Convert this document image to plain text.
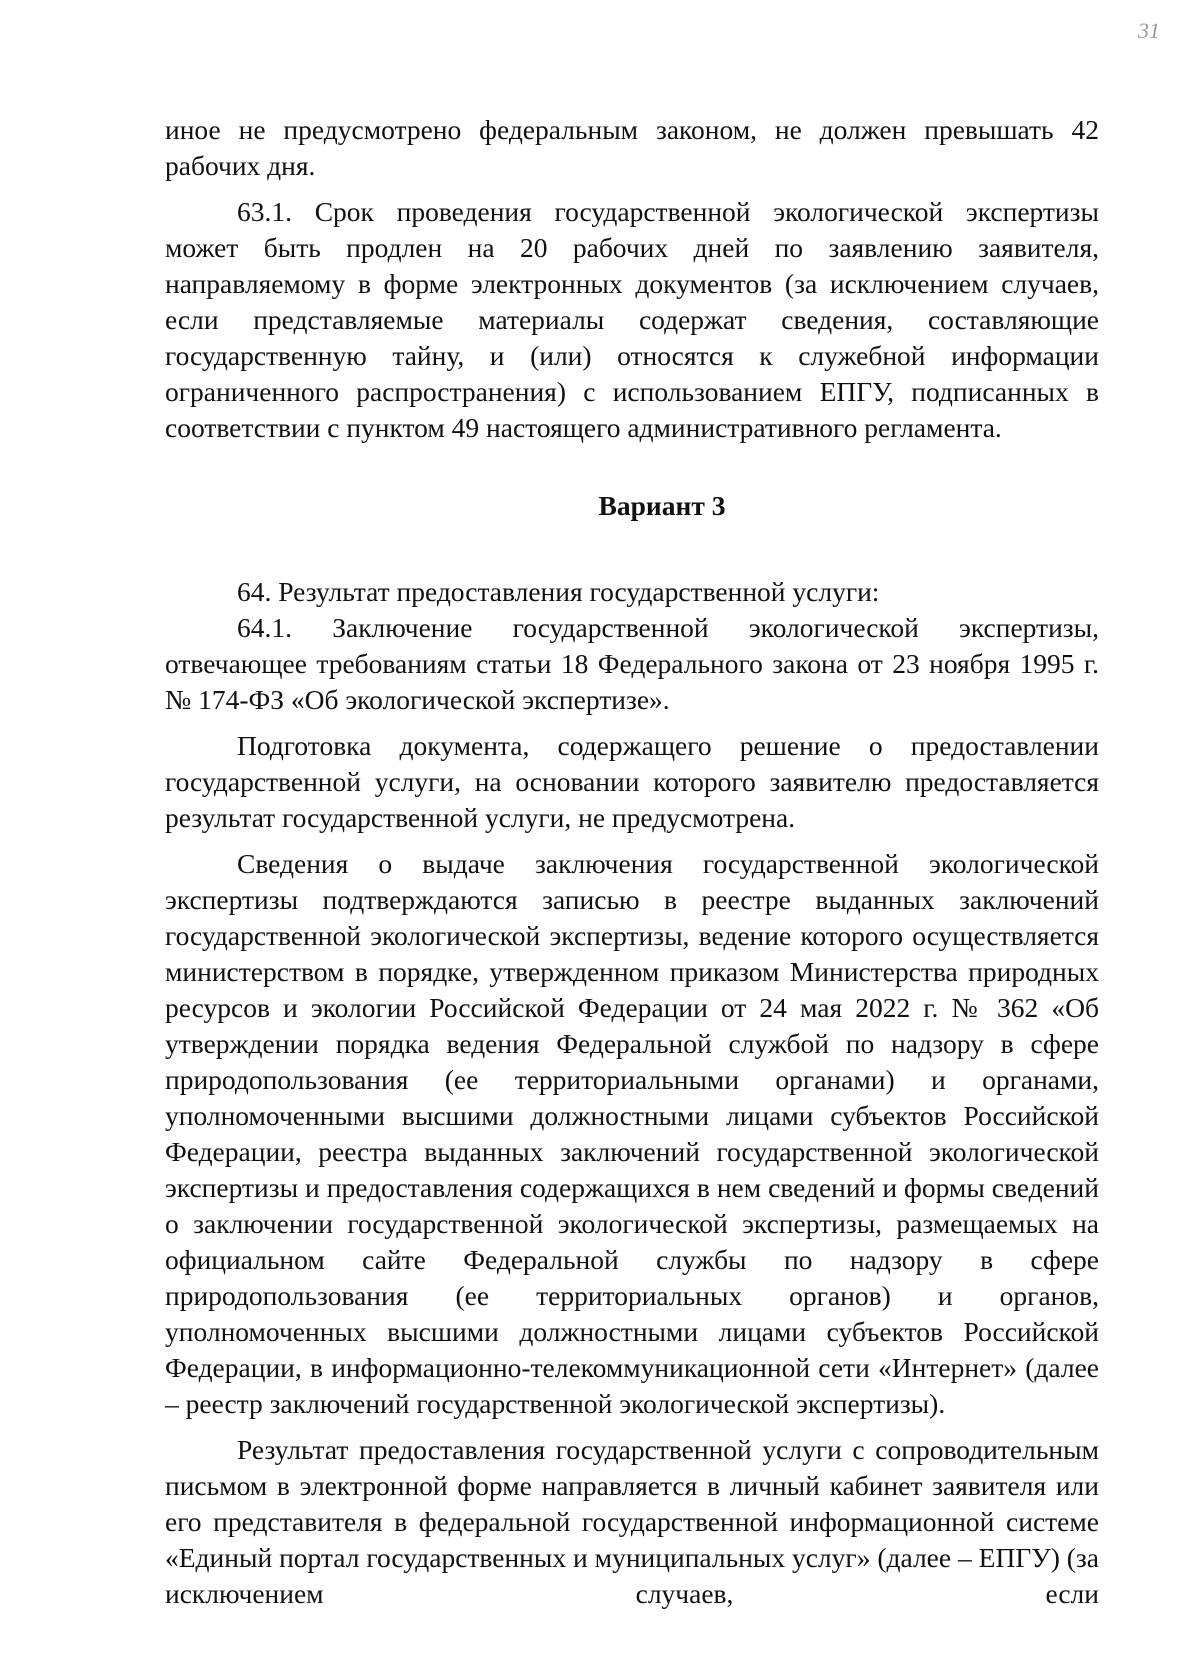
31

иное не предусмотрено федеральным законом, не должен превышать 42 рабочих дня.

63.1. Срок проведения государственной экологической экспертизы может быть продлен на 20 рабочих дней по заявлению заявителя, направляемому в форме электронных документов (за исключением случаев, если представляемые материалы содержат сведения, составляющие государственную тайну, и (или) относятся к служебной информации ограниченного распространения) с использованием ЕПГУ, подписанных в соответствии с пунктом 49 настоящего административного регламента.

Вариант 3

64. Результат предоставления государственной услуги:

64.1. Заключение государственной экологической экспертизы, отвечающее требованиям статьи 18 Федерального закона от 23 ноября 1995 г. № 174-ФЗ «Об экологической экспертизе».

Подготовка документа, содержащего решение о предоставлении государственной услуги, на основании которого заявителю предоставляется результат государственной услуги, не предусмотрена.

Сведения о выдаче заключения государственной экологической экспертизы подтверждаются записью в реестре выданных заключений государственной экологической экспертизы, ведение которого осуществляется министерством в порядке, утвержденном приказом Министерства природных ресурсов и экологии Российской Федерации от 24 мая 2022 г. № 362 «Об утверждении порядка ведения Федеральной службой по надзору в сфере природопользования (ее территориальными органами) и органами, уполномоченными высшими должностными лицами субъектов Российской Федерации, реестра выданных заключений государственной экологической экспертизы и предоставления содержащихся в нем сведений и формы сведений о заключении государственной экологической экспертизы, размещаемых на официальном сайте Федеральной службы по надзору в сфере природопользования (ее территориальных органов) и органов, уполномоченных высшими должностными лицами субъектов Российской Федерации, в информационно-телекоммуникационной сети «Интернет» (далее – реестр заключений государственной экологической экспертизы).

Результат предоставления государственной услуги с сопроводительным письмом в электронной форме направляется в личный кабинет заявителя или его представителя в федеральной государственной информационной системе «Единый портал государственных и муниципальных услуг» (далее – ЕПГУ) (за исключением случаев, если
